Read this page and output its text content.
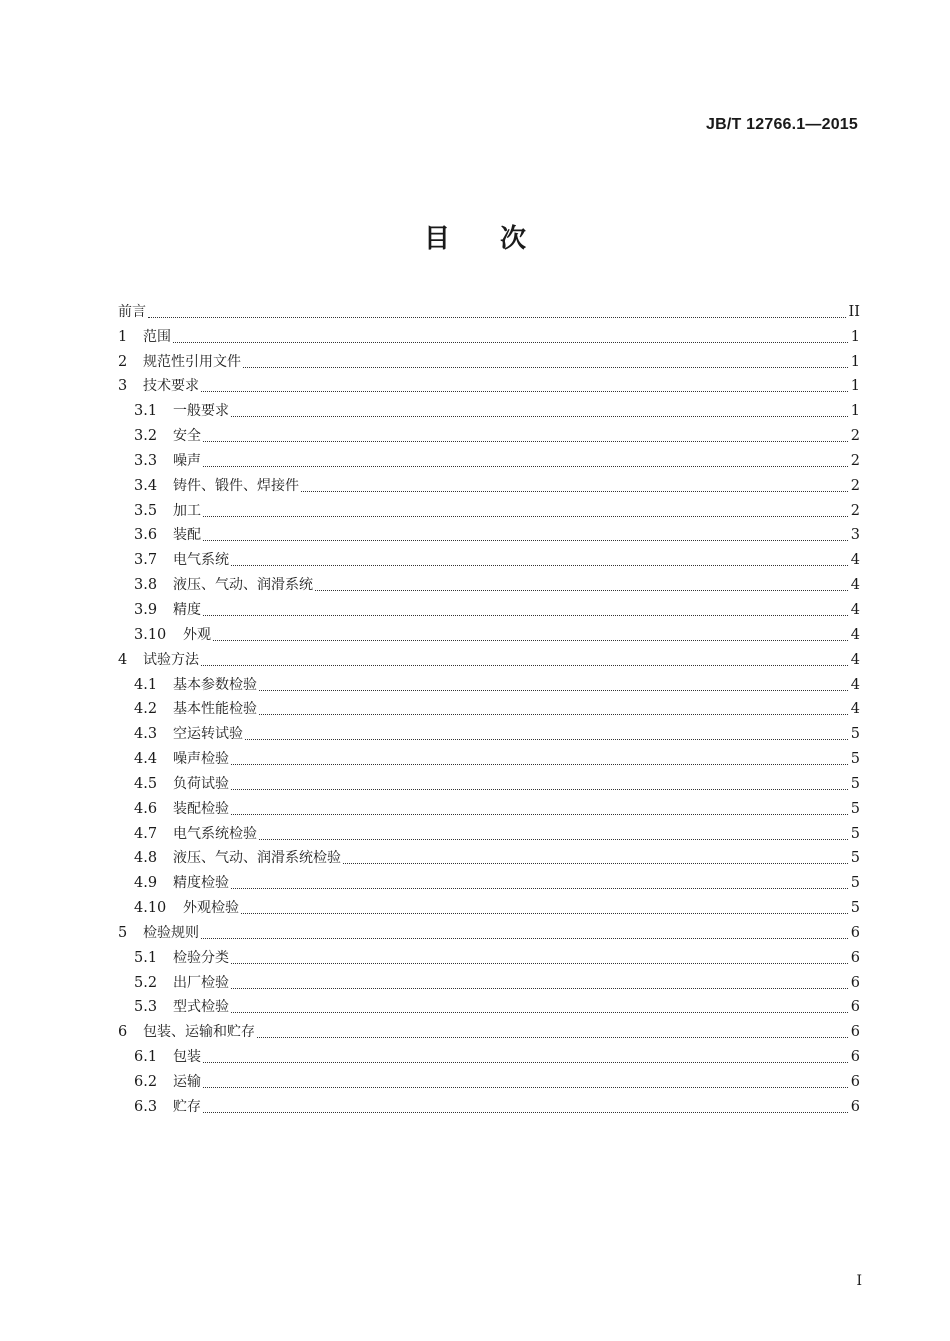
JB/T 12766.1—2015
目次
前言	II
1	范围	1
2	规范性引用文件	1
3	技术要求	1
3.1	一般要求	1
3.2	安全	2
3.3	噪声	2
3.4	铸件、锻件、焊接件	2
3.5	加工	2
3.6	装配	3
3.7	电气系统	4
3.8	液压、气动、润滑系统	4
3.9	精度	4
3.10	外观	4
4	试验方法	4
4.1	基本参数检验	4
4.2	基本性能检验	4
4.3	空运转试验	5
4.4	噪声检验	5
4.5	负荷试验	5
4.6	装配检验	5
4.7	电气系统检验	5
4.8	液压、气动、润滑系统检验	5
4.9	精度检验	5
4.10	外观检验	5
5	检验规则	6
5.1	检验分类	6
5.2	出厂检验	6
5.3	型式检验	6
6	包装、运输和贮存	6
6.1	包装	6
6.2	运输	6
6.3	贮存	6
I
